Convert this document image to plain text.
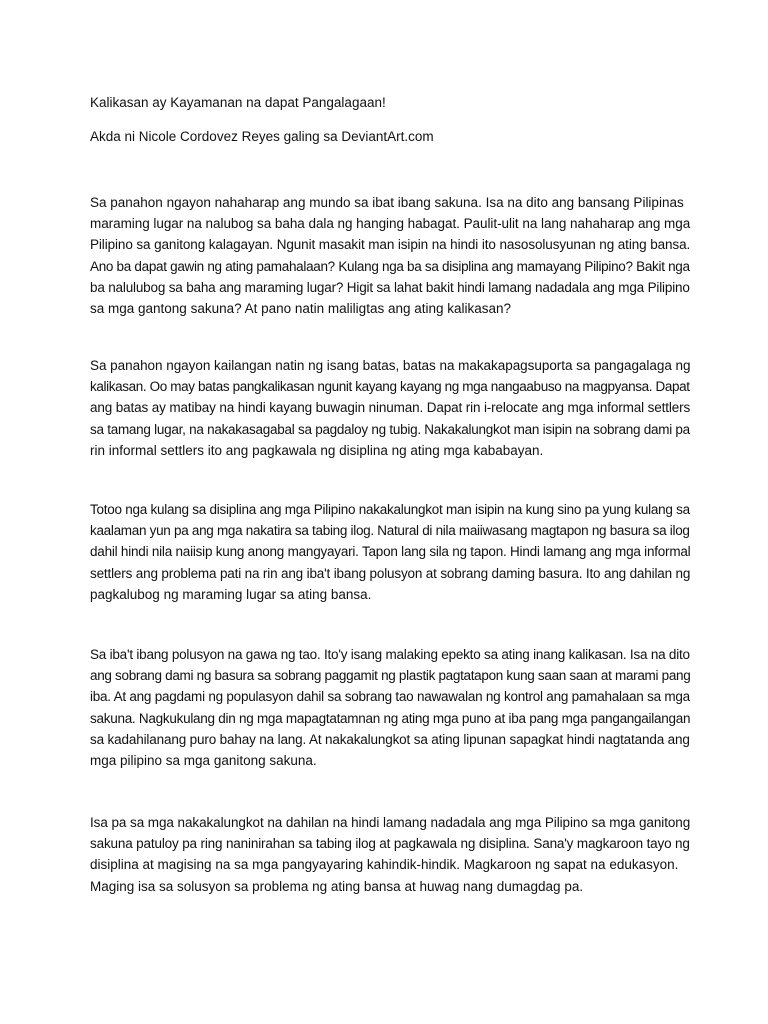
Kalikasan ay Kayamanan na dapat Pangalagaan!
Akda ni Nicole Cordovez Reyes galing sa DeviantArt.com
Sa panahon ngayon nahaharap ang mundo sa ibat ibang sakuna. Isa na dito ang bansang Pilipinas
maraming lugar na nalubog sa baha dala ng hanging habagat. Paulit-ulit na lang nahaharap ang mga
Pilipino sa ganitong kalagayan. Ngunit masakit man isipin na hindi ito nasosolusyunan ng ating bansa.
Ano ba dapat gawin ng ating pamahalaan? Kulang nga ba sa disiplina ang mamayang Pilipino? Bakit nga
ba nalulubog sa baha ang maraming lugar? Higit sa lahat bakit hindi lamang nadadala ang mga Pilipino
sa mga gantong sakuna? At pano natin maliligtas ang ating kalikasan?
Sa panahon ngayon kailangan natin ng isang batas, batas na makakapagsuporta sa pangagalaga ng
kalikasan. Oo may batas pangkalikasan ngunit kayang kayang ng mga nangaabuso na magpyansa. Dapat
ang batas ay matibay na hindi kayang buwagin ninuman. Dapat rin i-relocate ang mga informal settlers
sa tamang lugar, na nakakasagabal sa pagdaloy ng tubig. Nakakalungkot man isipin na sobrang dami pa
rin informal settlers ito ang pagkawala ng disiplina ng ating mga kababayan.
Totoo nga kulang sa disiplina ang mga Pilipino nakakalungkot man isipin na kung sino pa yung kulang sa
kaalaman yun pa ang mga nakatira sa tabing ilog. Natural di nila maiiwasang magtapon ng basura sa ilog
dahil hindi nila naiisip kung anong mangyayari. Tapon lang sila ng tapon. Hindi lamang ang mga informal
settlers ang problema pati na rin ang iba't ibang polusyon at sobrang daming basura. Ito ang dahilan ng
pagkalubog ng maraming lugar sa ating bansa.
Sa iba't ibang polusyon na gawa ng tao. Ito'y isang malaking epekto sa ating inang kalikasan. Isa na dito
ang sobrang dami ng basura sa sobrang paggamit ng plastik pagtatapon kung saan saan at marami pang
iba. At ang pagdami ng populasyon dahil sa sobrang tao nawawalan ng kontrol ang pamahalaan sa mga
sakuna. Nagkukulang din ng mga mapagtatamnan ng ating mga puno at iba pang mga pangangailangan
sa kadahilanang puro bahay na lang. At nakakalungkot sa ating lipunan sapagkat hindi nagtatanda ang
mga pilipino sa mga ganitong sakuna.
Isa pa sa mga nakakalungkot na dahilan na hindi lamang nadadala ang mga Pilipino sa mga ganitong
sakuna patuloy pa ring naninirahan sa tabing ilog at pagkawala ng disiplina. Sana'y magkaroon tayo ng
disiplina at magising na sa mga pangyayaring kahindik-hindik. Magkaroon ng sapat na edukasyon.
Maging isa sa solusyon sa problema ng ating bansa at huwag nang dumagdag pa.
